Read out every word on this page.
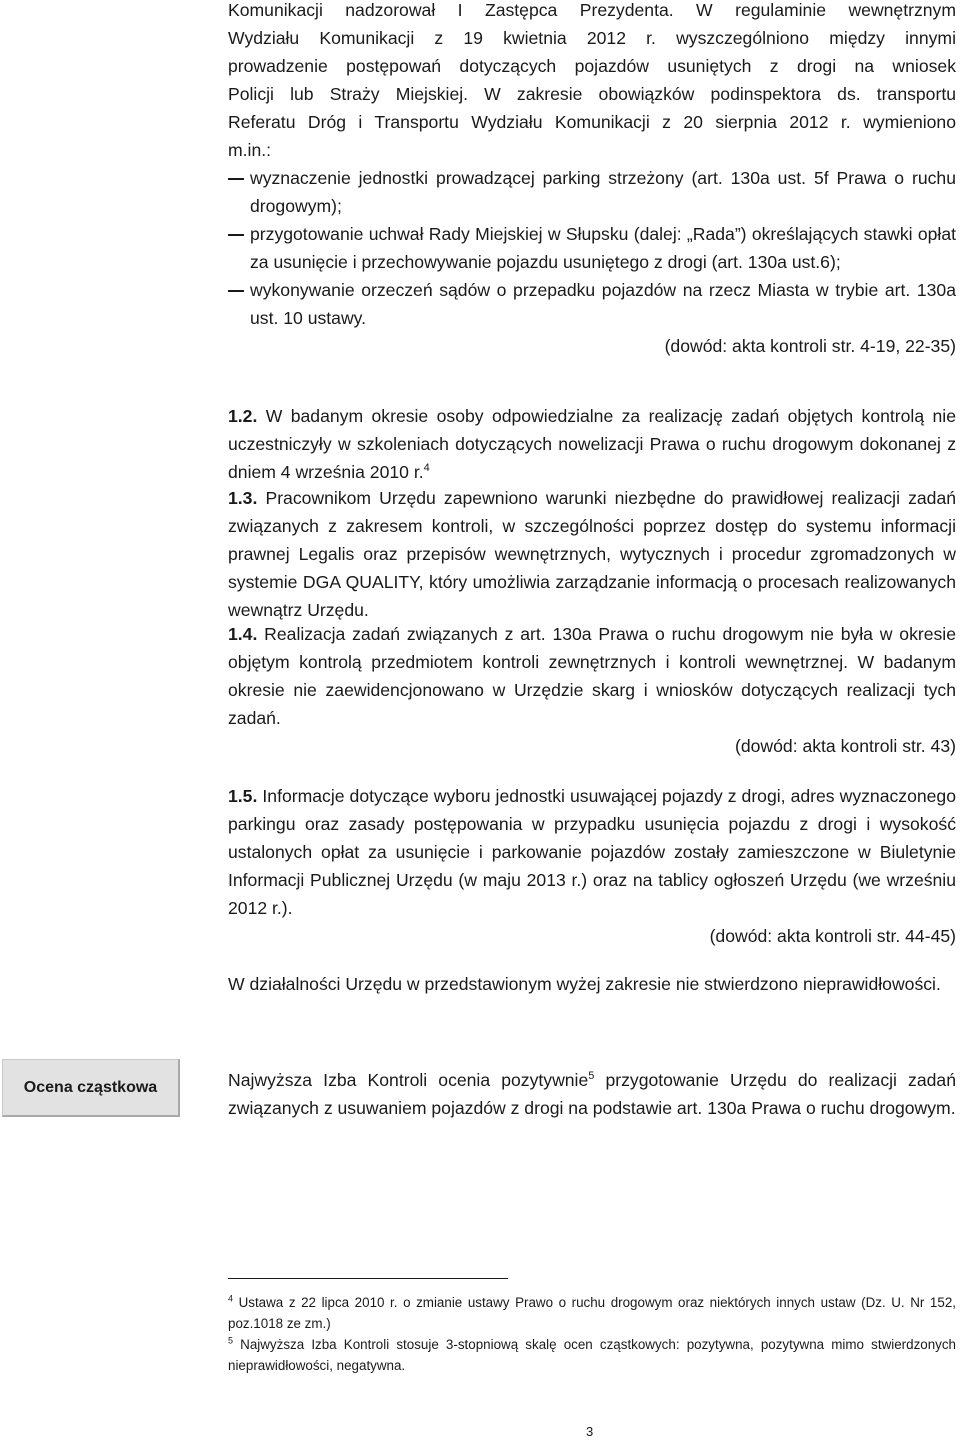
Komunikacji nadzorował I Zastępca Prezydenta. W regulaminie wewnętrznym
Wydziału Komunikacji z 19 kwietnia 2012 r. wyszczególniono między innymi
prowadzenie postępowań dotyczących pojazdów usuniętych z drogi na wniosek
Policji lub Straży Miejskiej. W zakresie obowiązków podinspektora ds. transportu
Referatu Dróg i Transportu Wydziału Komunikacji z 20 sierpnia 2012 r. wymieniono
m.in.:

wyznaczenie jednostki prowadzącej parking strzeżony (art. 130a ust. 5f Prawa o ruchu drogowym);

przygotowanie uchwał Rady Miejskiej w Słupsku (dalej: „Rada”) określających stawki opłat za usunięcie i przechowywanie pojazdu usuniętego z drogi (art. 130a ust.6);

wykonywanie orzeczeń sądów o przepadku pojazdów na rzecz Miasta w trybie art. 130a ust. 10 ustawy.

(dowód: akta kontroli str. 4-19, 22-35)

1.2. W badanym okresie osoby odpowiedzialne za realizację zadań objętych kontrolą nie uczestniczyły w szkoleniach dotyczących nowelizacji Prawa o ruchu drogowym dokonanej z dniem 4 września 2010 r.$^4$

1.3. Pracownikom Urzędu zapewniono warunki niezbędne do prawidłowej realizacji zadań związanych z zakresem kontroli, w szczególności poprzez dostęp do systemu informacji prawnej Legalis oraz przepisów wewnętrznych, wytycznych i procedur zgromadzonych w systemie DGA QUALITY, który umożliwia zarządzanie informacją o procesach realizowanych wewnątrz Urzędu.

1.4. Realizacja zadań związanych z art. 130a Prawa o ruchu drogowym nie była w okresie objętym kontrolą przedmiotem kontroli zewnętrznych i kontroli wewnętrznej. W badanym okresie nie zaewidencjonowano w Urzędzie skarg i wniosków dotyczących realizacji tych zadań.

(dowód: akta kontroli str. 43)

1.5. Informacje dotyczące wyboru jednostki usuwającej pojazdy z drogi, adres wyznaczonego parkingu oraz zasady postępowania w przypadku usunięcia pojazdu z drogi i wysokość ustalonych opłat za usunięcie i parkowanie pojazdów zostały zamieszczone w Biuletynie Informacji Publicznej Urzędu (w maju 2013 r.) oraz na tablicy ogłoszeń Urzędu (we wrześniu 2012 r.).

(dowód: akta kontroli str. 44-45)

W działalności Urzędu w przedstawionym wyżej zakresie nie stwierdzono nieprawidłowości.

Ocena cząstkowa	Najwyższa Izba Kontroli ocenia pozytywnie$^5$ przygotowanie Urzędu do realizacji zadań związanych z usuwaniem pojazdów z drogi na podstawie art. 130a Prawa o ruchu drogowym.

$^4$ Ustawa z 22 lipca 2010 r. o zmianie ustawy Prawo o ruchu drogowym oraz niektórych innych ustaw (Dz. U. Nr 152, poz.1018 ze zm.)
$^5$ Najwyższa Izba Kontroli stosuje 3-stopniową skalę ocen cząstkowych: pozytywna, pozytywna mimo stwierdzonych nieprawidłowości, negatywna.
3
